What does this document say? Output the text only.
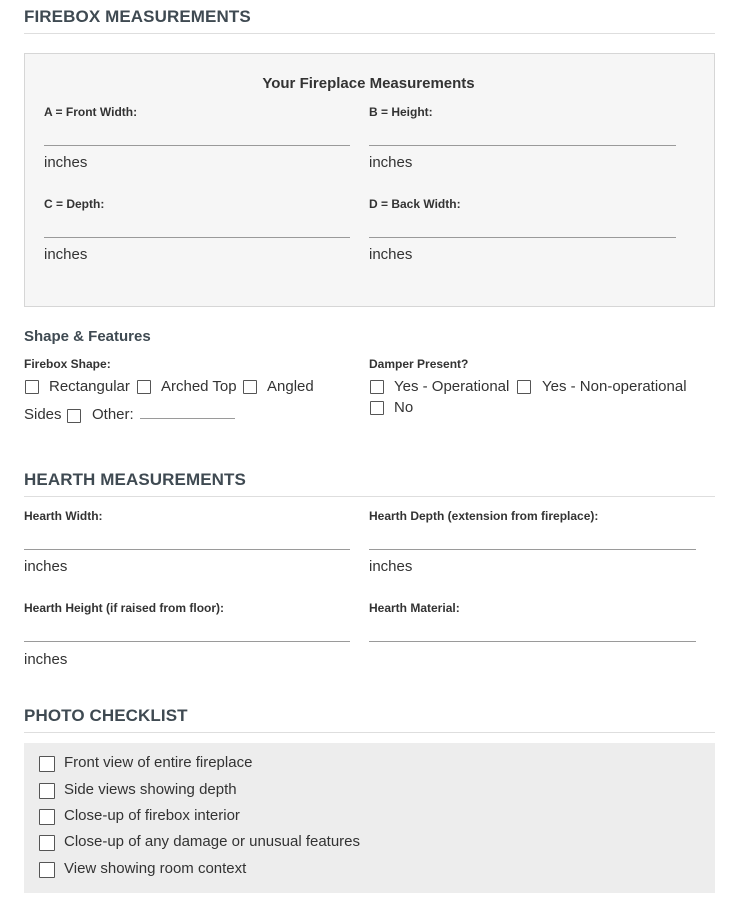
FIREBOX MEASUREMENTS
Your Fireplace Measurements
A = Front Width:
inches
B = Height:
inches
C = Depth:
inches
D = Back Width:
inches
Shape & Features
Firebox Shape:
Rectangular Arched Top Angled
Sides Other:
Damper Present?
Yes - Operational Yes - Non-operational
No
HEARTH MEASUREMENTS
Hearth Width:
inches
Hearth Depth (extension from fireplace):
inches
Hearth Height (if raised from floor):
inches
Hearth Material:
PHOTO CHECKLIST
Front view of entire fireplace
Side views showing depth
Close-up of firebox interior
Close-up of any damage or unusual features
View showing room context
